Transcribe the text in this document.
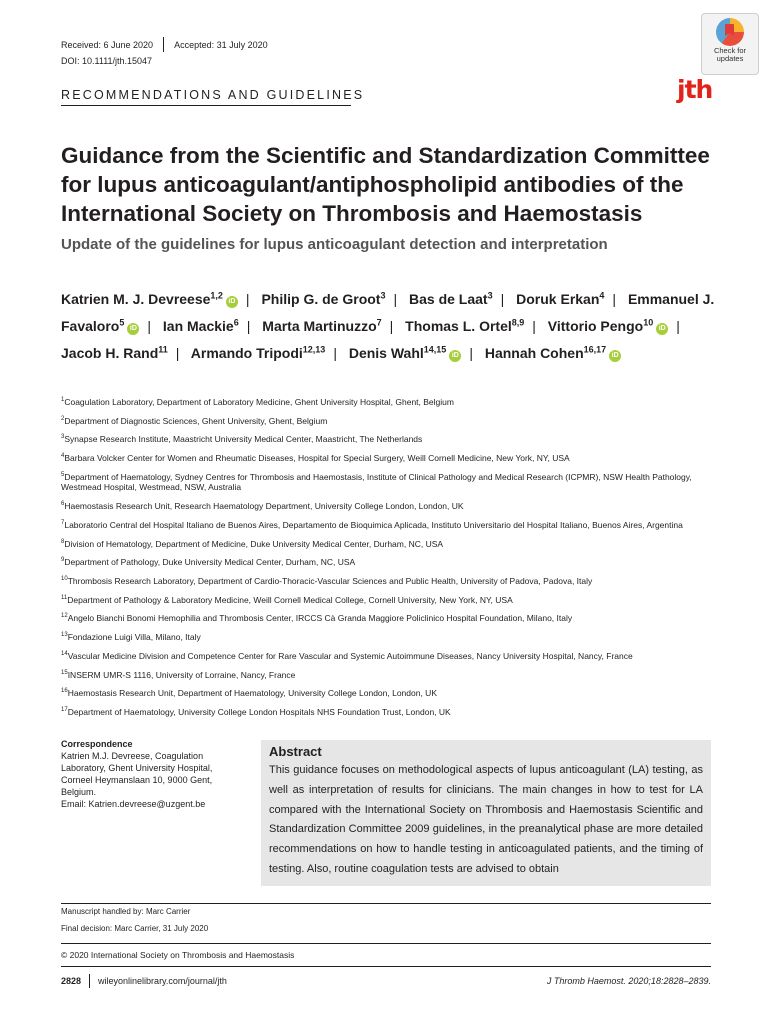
Received: 6 June 2020 Accepted: 31 July 2020
DOI: 10.1111/jth.15047
RECOMMENDATIONS AND GUIDELINES
Check for updates
jth
Guidance from the Scientific and Standardization Committee for lupus anticoagulant/antiphospholipid antibodies of the International Society on Thrombosis and Haemostasis
Update of the guidelines for lupus anticoagulant detection and interpretation
Katrien M. J. Devreese$^{1,2}$iD | Philip G. de Groot$^3$ | Bas de Laat$^3$ | Doruk Erkan$^4$ | Emmanuel J. Favaloro$^5$iD | Ian Mackie$^6$ | Marta Martinuzzo$^7$ | Thomas L. Ortel$^{8,9}$ | Vittorio Pengo$^{10}$iD | Jacob H. Rand$^{11}$ | Armando Tripodi$^{12,13}$ | Denis Wahl$^{14,15}$iD | Hannah Cohen$^{16,17}$iD
$^1$Coagulation Laboratory, Department of Laboratory Medicine, Ghent University Hospital, Ghent, Belgium
$^2$Department of Diagnostic Sciences, Ghent University, Ghent, Belgium
$^3$Synapse Research Institute, Maastricht University Medical Center, Maastricht, The Netherlands
$^4$Barbara Volcker Center for Women and Rheumatic Diseases, Hospital for Special Surgery, Weill Cornell Medicine, New York, NY, USA
$^5$Department of Haematology, Sydney Centres for Thrombosis and Haemostasis, Institute of Clinical Pathology and Medical Research (ICPMR), NSW Health Pathology, Westmead Hospital, Westmead, NSW, Australia
$^6$Haemostasis Research Unit, Research Haematology Department, University College London, London, UK
$^7$Laboratorio Central del Hospital Italiano de Buenos Aires, Departamento de Bioquimica Aplicada, Instituto Universitario del Hospital Italiano, Buenos Aires, Argentina
$^8$Division of Hematology, Department of Medicine, Duke University Medical Center, Durham, NC, USA
$^9$Department of Pathology, Duke University Medical Center, Durham, NC, USA
$^{10}$Thrombosis Research Laboratory, Department of Cardio-Thoracic-Vascular Sciences and Public Health, University of Padova, Padova, Italy
$^{11}$Department of Pathology & Laboratory Medicine, Weill Cornell Medical College, Cornell University, New York, NY, USA
$^{12}$Angelo Bianchi Bonomi Hemophilia and Thrombosis Center, IRCCS Cà Granda Maggiore Policlinico Hospital Foundation, Milano, Italy
$^{13}$Fondazione Luigi Villa, Milano, Italy
$^{14}$Vascular Medicine Division and Competence Center for Rare Vascular and Systemic Autoimmune Diseases, Nancy University Hospital, Nancy, France
$^{15}$INSERM UMR-S 1116, University of Lorraine, Nancy, France
$^{16}$Haemostasis Research Unit, Department of Haematology, University College London, London, UK
$^{17}$Department of Haematology, University College London Hospitals NHS Foundation Trust, London, UK
Correspondence
Katrien M.J. Devreese, Coagulation
Laboratory, Ghent University Hospital,
Corneel Heymanslaan 10, 9000 Gent,
Belgium.
Email: Katrien.devreese@uzgent.be
Abstract
This guidance focuses on methodological aspects of lupus anticoagulant (LA) testing, as well as interpretation of results for clinicians. The main changes in how to test for LA compared with the International Society on Thrombosis and Haemostasis Scientific and Standardization Committee 2009 guidelines, in the preanalytical phase are more detailed recommendations on how to handle testing in anticoagulated patients, and the timing of testing. Also, routine coagulation tests are advised to obtain
Manuscript handled by: Marc Carrier
Final decision: Marc Carrier, 31 July 2020
© 2020 International Society on Thrombosis and Haemostasis
2828 wileyonlinelibrary.com/journal/jth	J Thromb Haemost. 2020;18:2828–2839.
